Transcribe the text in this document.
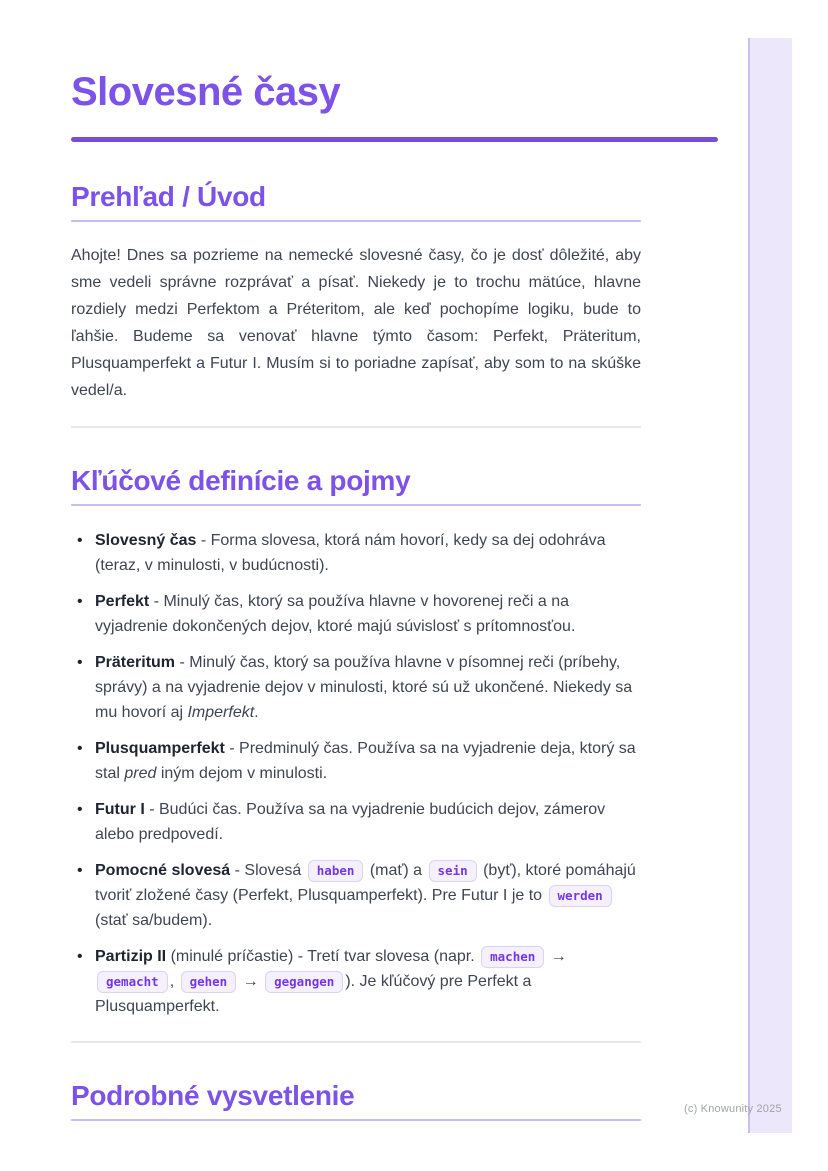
Slovesné časy
Prehľad / Úvod

Ahojte! Dnes sa pozrieme na nemecké slovesné časy, čo je dosť dôležité, aby sme vedeli správne rozprávať a písať. Niekedy je to trochu mätúce, hlavne rozdiely medzi Perfektom a Préteritom, ale keď pochopíme logiku, bude to ľahšie. Budeme sa venovať hlavne týmto časom: Perfekt, Präteritum, Plusquamperfekt a Futur I. Musím si to poriadne zapísať, aby som to na skúške vedel/a.

Kľúčové definície a pojmy
• Slovesný čas - Forma slovesa, ktorá nám hovorí, kedy sa dej odohráva (teraz, v minulosti, v budúcnosti).
• Perfekt - Minulý čas, ktorý sa používa hlavne v hovorenej reči a na vyjadrenie dokončených dejov, ktoré majú súvislosť s prítomnosťou.
• Präteritum - Minulý čas, ktorý sa používa hlavne v písomnej reči (príbehy, správy) a na vyjadrenie dejov v minulosti, ktoré sú už ukončené. Niekedy sa mu hovorí aj Imperfekt.
• Plusquamperfekt - Predminulý čas. Používa sa na vyjadrenie deja, ktorý sa stal pred iným dejom v minulosti.
• Futur I - Budúci čas. Používa sa na vyjadrenie budúcich dejov, zámerov alebo predpovedí.
• Pomocné slovesá - Slovesá haben (mať) a sein (byť), ktoré pomáhajú tvoriť zložené časy (Perfekt, Plusquamperfekt). Pre Futur I je to werden (stať sa/budem).
• Partizip II (minulé príčastie) - Tretí tvar slovesa (napr. machen → gemacht , gehen → gegangen ). Je kľúčový pre Perfekt a Plusquamperfekt.
Podrobné vysvetlenie	(c) Knowunity 2025
